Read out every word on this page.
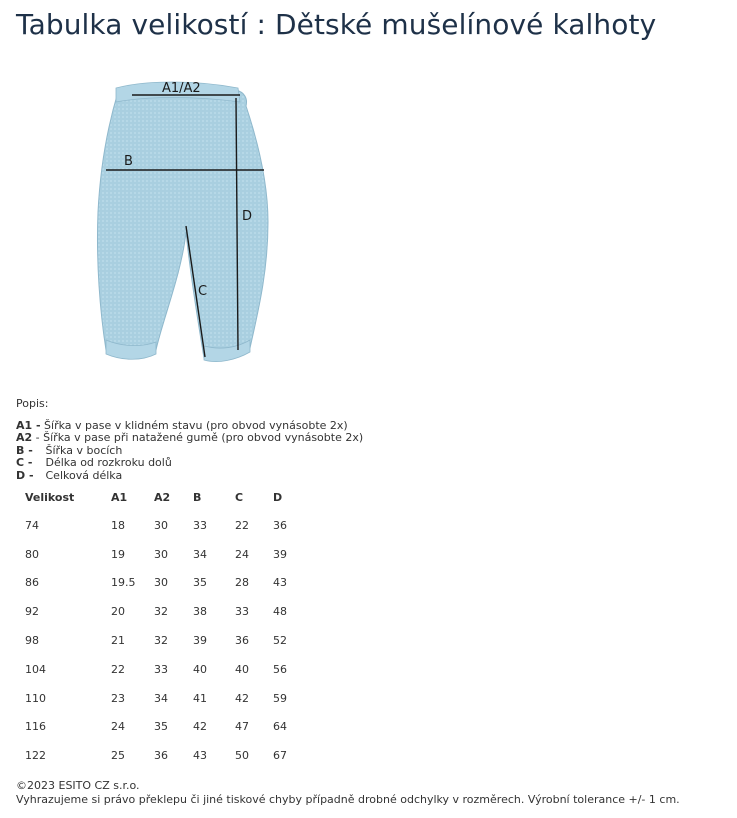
Tabulka velikostí : Dětské mušelínové kalhoty
A1/A2
B
D
C
Popis:
A1 - Šířka v pase v klidném stavu (pro obvod vynásobte 2x)
A2 - Šířka v pase při natažené gumě (pro obvod vynásobte 2x)
B - Šířka v bocích
C - Délka od rozkroku dolů
D - Celková délka
Velikost	A1	A2	B	C	D
74	18	30	33	22	36
80	19	30	34	24	39
86	19.5	30	35	28	43
92	20	32	38	33	48
98	21	32	39	36	52
104	22	33	40	40	56
110	23	34	41	42	59
116	24	35	42	47	64
122	25	36	43	50	67
©2023 ESITO CZ s.r.o.
Vyhrazujeme si právo překlepu či jiné tiskové chyby případně drobné odchylky v rozměrech. Výrobní tolerance +/- 1 cm.
